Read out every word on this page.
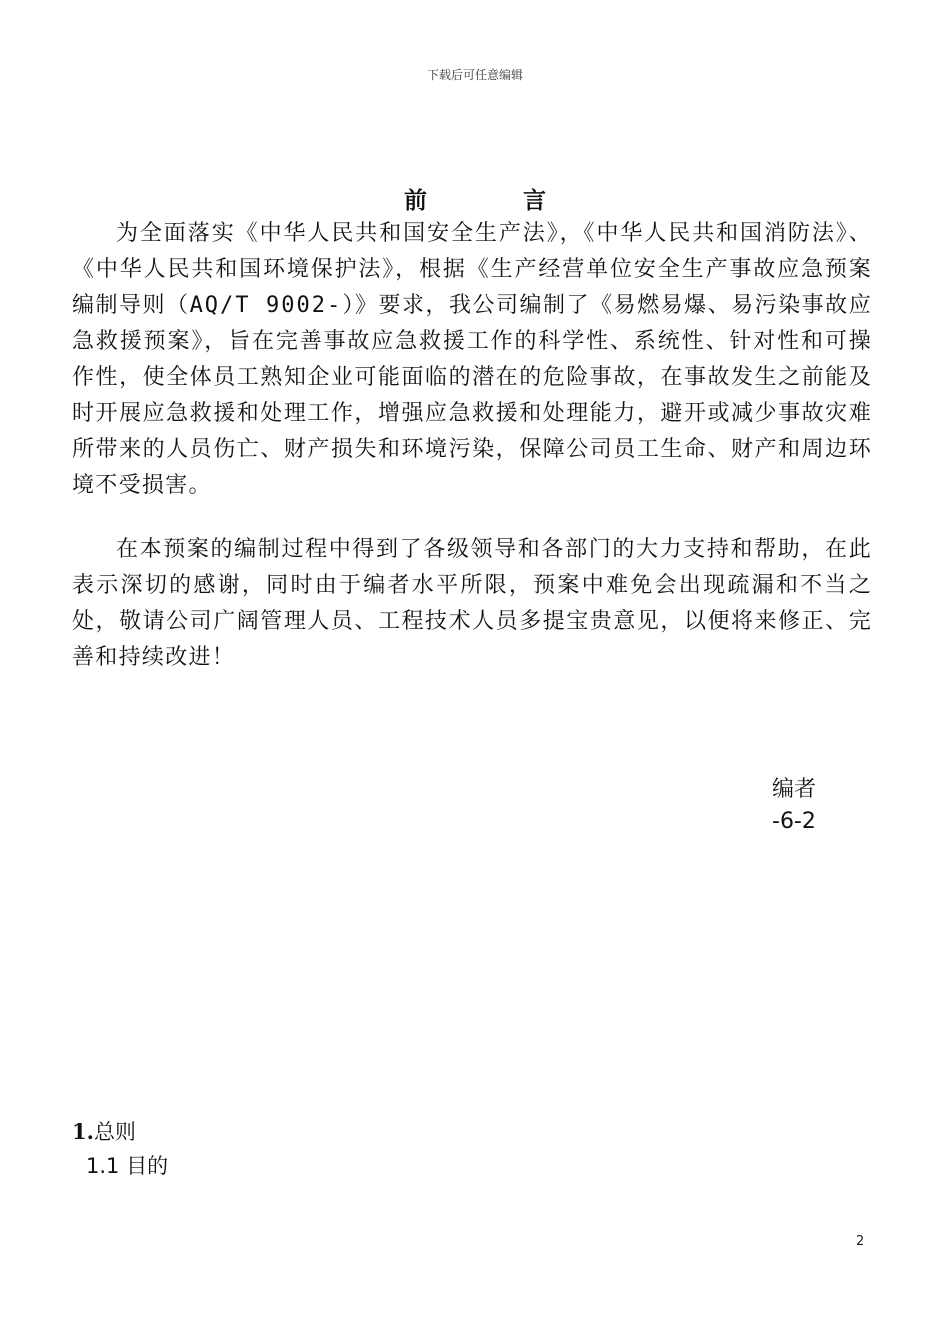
下载后可任意编辑
前言
为全面落实《中华人民共和国安全生产法》，《中华人民共和国消防法》、《中华人民共和国环境保护法》，根据《生产经营单位安全生产事故应急预案编制导则（AQ/T 9002-）》要求，我公司编制了《易燃易爆、易污染事故应急救援预案》，旨在完善事故应急救援工作的科学性、系统性、针对性和可操作性，使全体员工熟知企业可能面临的潜在的危险事故，在事故发生之前能及时开展应急救援和处理工作，增强应急救援和处理能力，避开或减少事故灾难所带来的人员伤亡、财产损失和环境污染，保障公司员工生命、财产和周边环境不受损害。
在本预案的编制过程中得到了各级领导和各部门的大力支持和帮助，在此表示深切的感谢，同时由于编者水平所限，预案中难免会出现疏漏和不当之处，敬请公司广阔管理人员、工程技术人员多提宝贵意见，以便将来修正、完善和持续改进！
编者
-6-2
1.总则
1.1 目的
2
